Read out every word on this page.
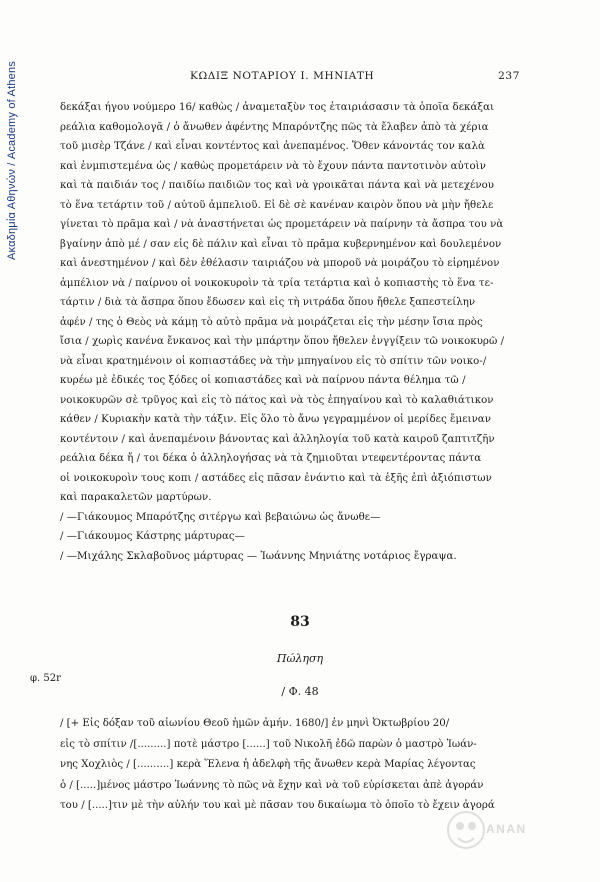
Ακαδημία Αθηνών / Academy of Athens	ΚΩΔΙΞ ΝΟΤΑΡΙΟΥ Ι. ΜΗΝΙΑΤΗ	237
δεκάξαι ήγου νούμερο 16/ καθὼς / ἀναμεταξὺν τος ἐταιριάσασιν τὰ ὁποῖα δεκάξαι
ρεάλια καθομολογᾶ / ὁ ἄνωθεν ἀφέντης Μπαρόντζης πῶς τὰ ἔλαβεν ἀπὸ τὰ χέρια
τοῦ μισὲρ Τζάνε / καὶ εἶναι κοντέντος καὶ ἀνεπαμένος. Ὅθεν κάνοντάς τον καλὰ
καὶ ἐνμπιστεμένα ὡς / καθὼς προμετάρειν νὰ τὸ ἔχουν πάντα παντοτινὸν αὐτοὶν
καὶ τὰ παιδιάν τος / παιδίω παιδιῶν τος καὶ νὰ γροικᾶται πάντα καὶ νὰ μετεχένου
τὸ ἕνα τετάρτιν τοῦ / αὐτοῦ ἀμπελιοῦ. Εἰ δὲ σὲ κανέναν καιρὸν ὅπου νὰ μὴν ἤθελε
γίνεται τὸ πρᾶμα καὶ / νὰ ἀναστήνεται ὡς προμετάρειν νὰ παίρνην τὰ ἄσπρα του νὰ
βγαίνην ἀπὸ μέ / σαν εἰς δὲ πάλιν καὶ εἶναι τὸ πρᾶμα κυβερνημένον καὶ δουλεμένον
καὶ ἀνεστημένον / καὶ δὲν ἐθέλασιν ταιριάζου νὰ μποροῦ νὰ μοιράζου τὸ εἰρημένον
ἀμπέλιον νὰ / παίρνου οἱ νοικοκυροὶν τὰ τρία τετάρτια καὶ ὁ κοπιαστὴς τὸ ἕνα τε-
τάρτιν / διὰ τὰ ἄσπρα ὅπου ἔδωσεν καὶ εἰς τὴ νιτράδα ὅπου ἤθελε ξαπεστείλην
ἀφέν / της ὁ Θεὸς νὰ κάμῃ τὸ αὐτὸ πρᾶμα νὰ μοιράζεται εἰς τὴν μέσην ἴσια πρὸς
ἴσια / χωρὶς κανένα ἔνκανος καὶ τὴν μπάρτην ὅπου ἤθελεν ἐνγγίξειν τῶ νοικοκυρῶ /
νὰ εἶναι κρατημένοιν οἱ κοπιαστάδες νὰ τὴν μπηγαίνου εἰς τὸ σπίτιν τῶν νοικο-/
κυρέω μὲ ἐδικές τος ξόδες οἱ κοπιαστάδες καὶ νὰ παίρνου πάντα θέλημα τῶ /
νοικοκυρῶν σὲ τρῦγος καὶ εἰς τὸ πάτος καὶ νὰ τὸς ἐπηγαίνου καὶ τὸ καλαθιάτικον
κάθεν / Κυριακὴν κατὰ τὴν τάξιν. Εἰς ὅλο τὸ ἄνω γεγραμμένον οἱ μερίδες ἔμειναν
κοντέντοιν / καὶ ἀνεπαμένοιν βάνοντας καὶ ἀλληλογία τοῦ κατὰ καιροῦ ζαπτιτζῆν
ρεάλια δέκα ἤ / τοι δέκα ὁ ἀλληλογήσας νὰ τὰ ζημιοῦται ντεφεντέροντας πάντα
οἱ νοικοκυροὶν τους κοπι / αστάδες εἰς πᾶσαν ἐνάντιο καὶ τὰ ἑξῆς ἐπὶ ἀξιόπιστων
καὶ παρακαλετῶν μαρτύρων.
/ —Γιάκουμος Μπαρότζης σιτέργω καὶ βεβαιώνω ὡς ἄνωθε—
/ —Γιάκουμος Κάστρης μάρτυρας—
/ —Μιχάλης Σκλαβοῦνος μάρτυρας — Ἰωάννης Μηνιάτης νοτάριος ἔγραψα.
83
Πώληση
φ. 52r
/ Φ. 48
/ [+ Εἰς δόξαν τοῦ αἰωνίου Θεοῦ ἡμῶν ἀμήν. 1680/] ἐν μηνὶ Ὀκτωβρίου 20/
εἰς τὸ σπίτιν /[.........] ποτὲ μάστρο [......] τοῦ Νικολῆ ἐδῶ παρὼν ὁ μαστρὸ Ἰωάν-
νης Χοχλιὸς / [..........] κερὰ Ἕλενα ἡ ἀδελφὴ τῆς ἄνωθεν κερὰ Μαρίας λέγοντας
ὁ / [.....]μένος μάστρο Ἰωάννης τὸ πῶς νὰ ἔχην καὶ νὰ τοῦ εὑρίσκεται ἀπὲ ἀγοράν
του / [.....]τιν μὲ τὴν αὐλήν του καὶ μὲ πᾶσαν του δικαίωμα τὸ ὁποῖο τὸ ἔχειν ἀγορά
ANAN
